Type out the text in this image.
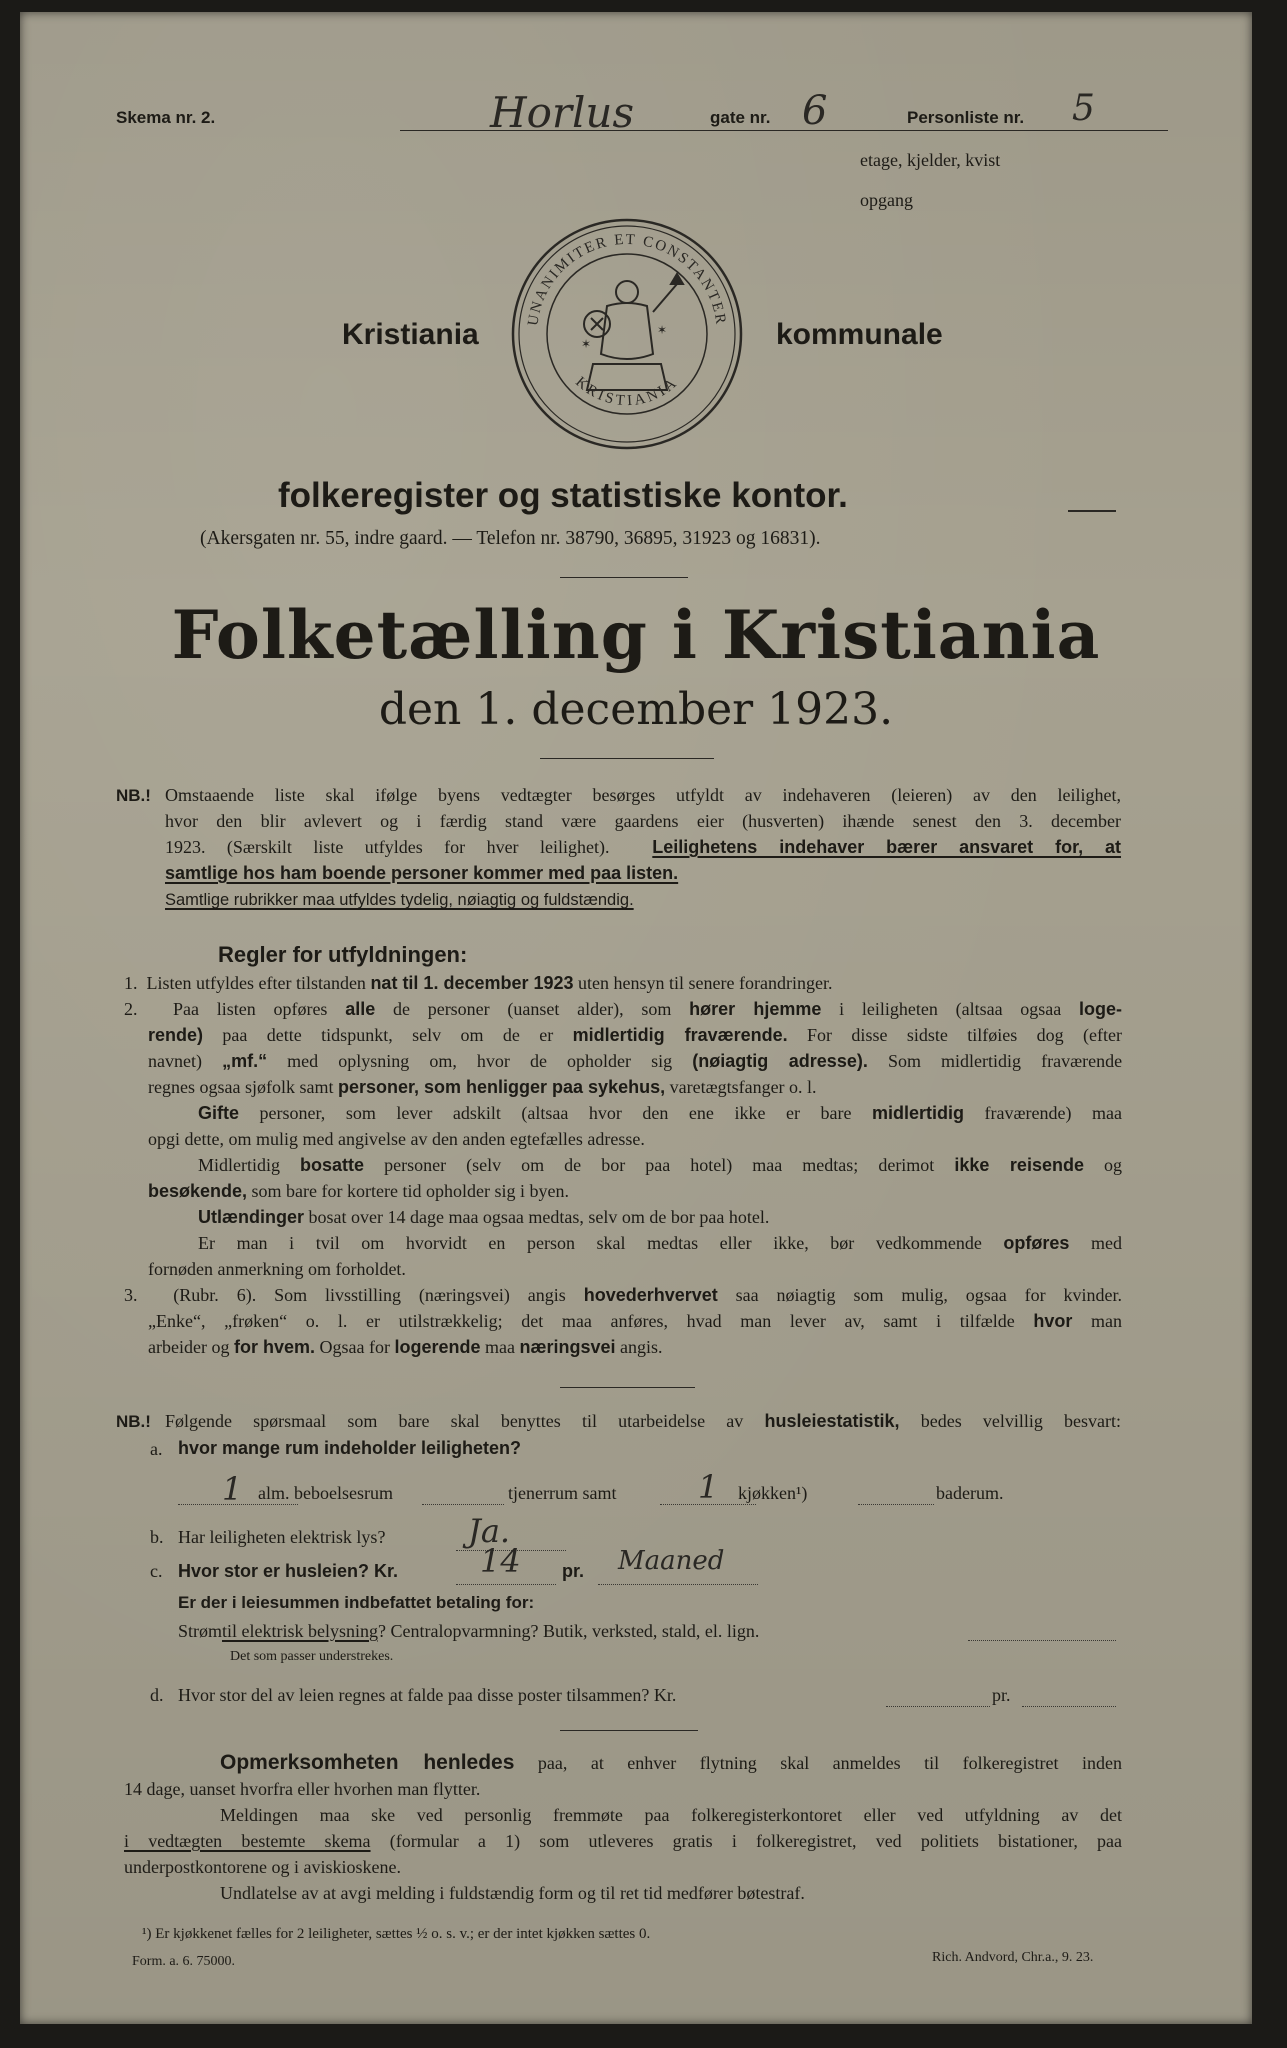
Skema nr. 2.	Horlus	gate nr. 6	Personliste nr. 5
etage, kjelder, kvist
opgang
Kristiania	kommunale
UNANIMITER ET CONSTANTER
KRISTIANIA
✶
✶
folkeregister og statistiske kontor.
(Akersgaten nr. 55, indre gaard. — Telefon nr. 38790, 36895, 31923 og 16831).
Folketælling i Kristiania
den 1. december 1923.
NB.! Omstaaende liste skal ifølge byens vedtægter besørges utfyldt av indehaveren (leieren) av den leilighet,

hvor den blir avlevert og i færdig stand være gaardens eier (husverten) ihænde senest den 3. december

1923. (Særskilt liste utfyldes for hver leilighet). Leilighetens indehaver bærer ansvaret for, at

samtlige hos ham boende personer kommer med paa listen.

Samtlige rubrikker maa utfyldes tydelig, nøiagtig og fuldstændig.

Regler for utfyldningen:

1. Listen utfyldes efter tilstanden nat til 1. december 1923 uten hensyn til senere forandringer.

2. Paa listen opføres alle de personer (uanset alder), som hører hjemme i leiligheten (altsaa ogsaa loge-

rende) paa dette tidspunkt, selv om de er midlertidig fraværende. For disse sidste tilføies dog (efter

navnet) „mf.“ med oplysning om, hvor de opholder sig (nøiagtig adresse). Som midlertidig fraværende

regnes ogsaa sjøfolk samt personer, som henligger paa sykehus, varetægtsfanger o. l.

Gifte personer, som lever adskilt (altsaa hvor den ene ikke er bare midlertidig fraværende) maa

opgi dette, om mulig med angivelse av den anden egtefælles adresse.

Midlertidig bosatte personer (selv om de bor paa hotel) maa medtas; derimot ikke reisende og

besøkende, som bare for kortere tid opholder sig i byen.

Utlændinger bosat over 14 dage maa ogsaa medtas, selv om de bor paa hotel.

Er man i tvil om hvorvidt en person skal medtas eller ikke, bør vedkommende opføres med

fornøden anmerkning om forholdet.

3. (Rubr. 6). Som livsstilling (næringsvei) angis hovederhvervet saa nøiagtig som mulig, ogsaa for kvinder.

„Enke“, „frøken“ o. l. er utilstrækkelig; det maa anføres, hvad man lever av, samt i tilfælde hvor man

arbeider og for hvem. Ogsaa for logerende maa næringsvei angis.

NB.! Følgende spørsmaal som bare skal benyttes til utarbeidelse av husleiestatistik, bedes velvillig besvart:

a. hvor mange rum indeholder leiligheten?
1 alm. beboelsesrum	tjenerrum samt	1 kjøkken¹)	baderum.
b. Har leiligheten elektrisk lys?	Ja.
c. Hvor stor er husleien? Kr.	14 pr. Maaned
Er der i leiesummen indbefattet betaling for:
Strømtil elektrisk belysning? Centralopvarmning? Butik, verksted, stald, el. lign.
Det som passer understrekes.
d. Hvor stor del av leien regnes at falde paa disse poster tilsammen? Kr.	pr.

Opmerksomheten henledes paa, at enhver flytning skal anmeldes til folkeregistret inden

14 dage, uanset hvorfra eller hvorhen man flytter.

Meldingen maa ske ved personlig fremmøte paa folkeregisterkontoret eller ved utfyldning av det

i vedtægten bestemte skema (formular a 1) som utleveres gratis i folkeregistret, ved politiets bistationer, paa

underpostkontorene og i aviskioskene.

Undlatelse av at avgi melding i fuldstændig form og til ret tid medfører bøtestraf.

¹) Er kjøkkenet fælles for 2 leiligheter, sættes ½ o. s. v.; er der intet kjøkken sættes 0.
Form. a. 6. 75000.	Rich. Andvord, Chr.a., 9. 23.
